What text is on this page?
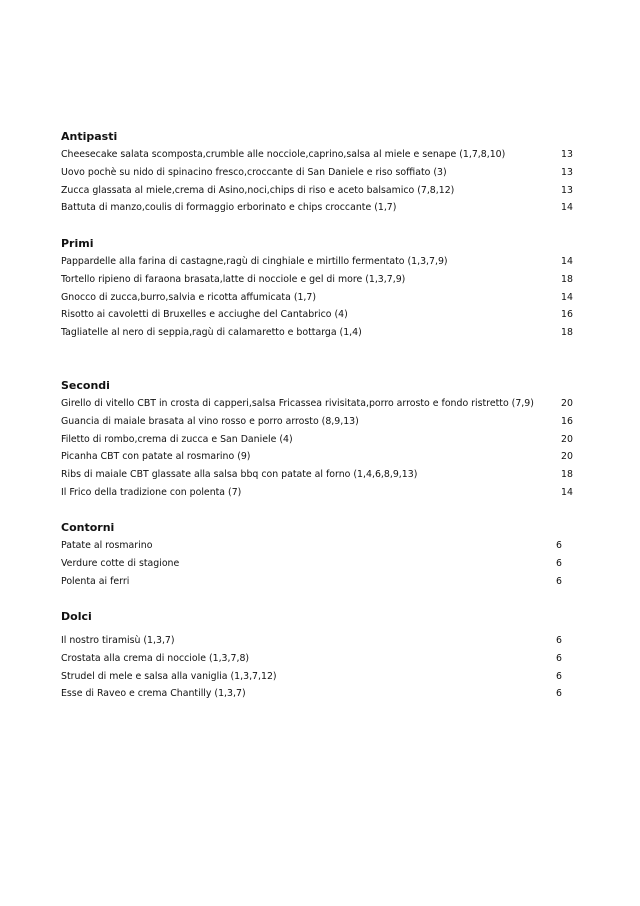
Antipasti
Cheesecake salata scomposta,crumble alle nocciole,caprino,salsa al miele e senape (1,7,8,10)	13
Uovo pochè su nido di spinacino fresco,croccante di San Daniele e riso soffiato (3)	13
Zucca glassata al miele,crema di Asino,noci,chips di riso e aceto balsamico (7,8,12)	13
Battuta di manzo,coulis di formaggio erborinato e chips croccante (1,7)	14
Primi
Pappardelle alla farina di castagne,ragù di cinghiale e mirtillo fermentato (1,3,7,9)	14
Tortello ripieno di faraona brasata,latte di nocciole e gel di more (1,3,7,9)	18
Gnocco di zucca,burro,salvia e ricotta affumicata (1,7)	14
Risotto ai cavoletti di Bruxelles e acciughe del Cantabrico (4)	16
Tagliatelle al nero di seppia,ragù di calamaretto e bottarga (1,4)	18
Secondi
Girello di vitello CBT in crosta di capperi,salsa Fricassea rivisitata,porro arrosto e fondo ristretto (7,9)	20
Guancia di maiale brasata al vino rosso e porro arrosto (8,9,13)	16
Filetto di rombo,crema di zucca e San Daniele (4)	20
Picanha CBT con patate al rosmarino (9)	20
Ribs di maiale CBT glassate alla salsa bbq con patate al forno (1,4,6,8,9,13)	18
Il Frico della tradizione con polenta (7)	14
Contorni
Patate al rosmarino	6
Verdure cotte di stagione	6
Polenta ai ferri	6
Dolci
Il nostro tiramisù (1,3,7)	6
Crostata alla crema di nocciole (1,3,7,8)	6
Strudel di mele e salsa alla vaniglia (1,3,7,12)	6
Esse di Raveo e crema Chantilly (1,3,7)	6
